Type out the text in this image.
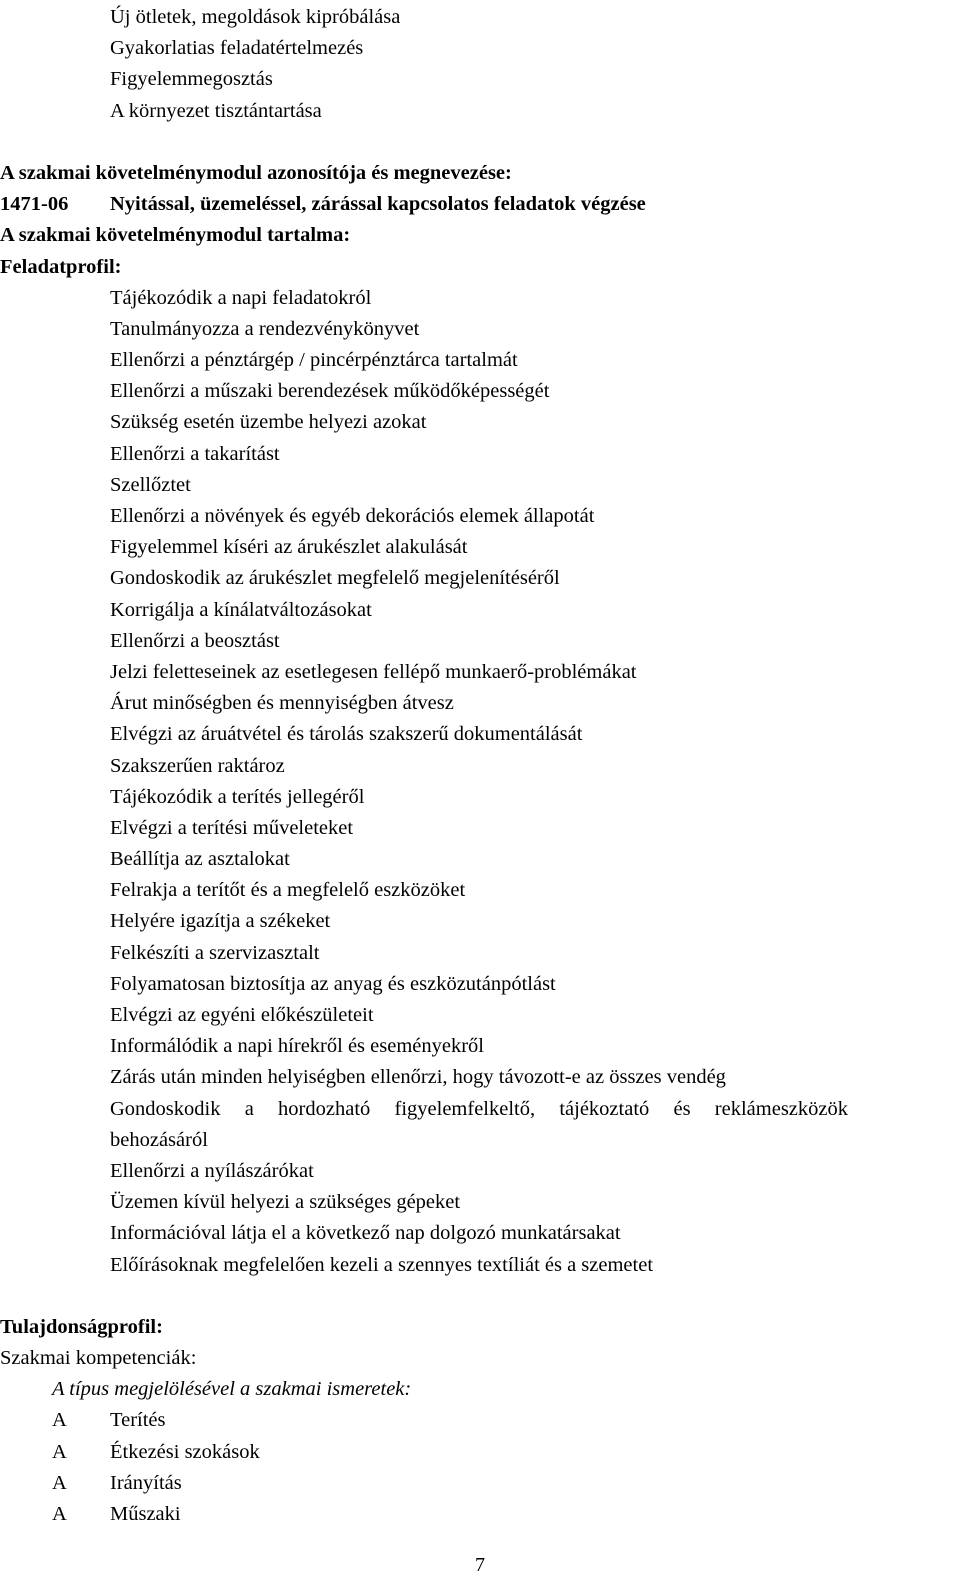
Új ötletek, megoldások kipróbálása
Gyakorlatias feladatértelmezés
Figyelemmegosztás
A környezet tisztántartása
A szakmai követelménymodul azonosítója és megnevezése:
1471-06 Nyitással, üzemeléssel, zárással kapcsolatos feladatok végzése
A szakmai követelménymodul tartalma:
Feladatprofil:
Tájékozódik a napi feladatokról
Tanulmányozza a rendezvénykönyvet
Ellenőrzi a pénztárgép / pincérpénztárca tartalmát
Ellenőrzi a műszaki berendezések működőképességét
Szükség esetén üzembe helyezi azokat
Ellenőrzi a takarítást
Szellőztet
Ellenőrzi a növények és egyéb dekorációs elemek állapotát
Figyelemmel kíséri az árukészlet alakulását
Gondoskodik az árukészlet megfelelő megjelenítéséről
Korrigálja a kínálatváltozásokat
Ellenőrzi a beosztást
Jelzi feletteseinek az esetlegesen fellépő munkaerő-problémákat
Árut minőségben és mennyiségben átvesz
Elvégzi az áruátvétel és tárolás szakszerű dokumentálását
Szakszerűen raktároz
Tájékozódik a terítés jellegéről
Elvégzi a terítési műveleteket
Beállítja az asztalokat
Felrakja a terítőt és a megfelelő eszközöket
Helyére igazítja a székeket
Felkészíti a szervizasztalt
Folyamatosan biztosítja az anyag és eszközutánpótlást
Elvégzi az egyéni előkészületeit
Informálódik a napi hírekről és eseményekről
Zárás után minden helyiségben ellenőrzi, hogy távozott-e az összes vendég
Gondoskodik a hordozható figyelemfelkeltő, tájékoztató és reklámeszközök
behozásáról
Ellenőrzi a nyílászárókat
Üzemen kívül helyezi a szükséges gépeket
Információval látja el a következő nap dolgozó munkatársakat
Előírásoknak megfelelően kezeli a szennyes textíliát és a szemetet
Tulajdonságprofil:
Szakmai kompetenciák:
A típus megjelölésével a szakmai ismeretek:
A Terítés
A Étkezési szokások
A Irányítás
A Műszaki
7
